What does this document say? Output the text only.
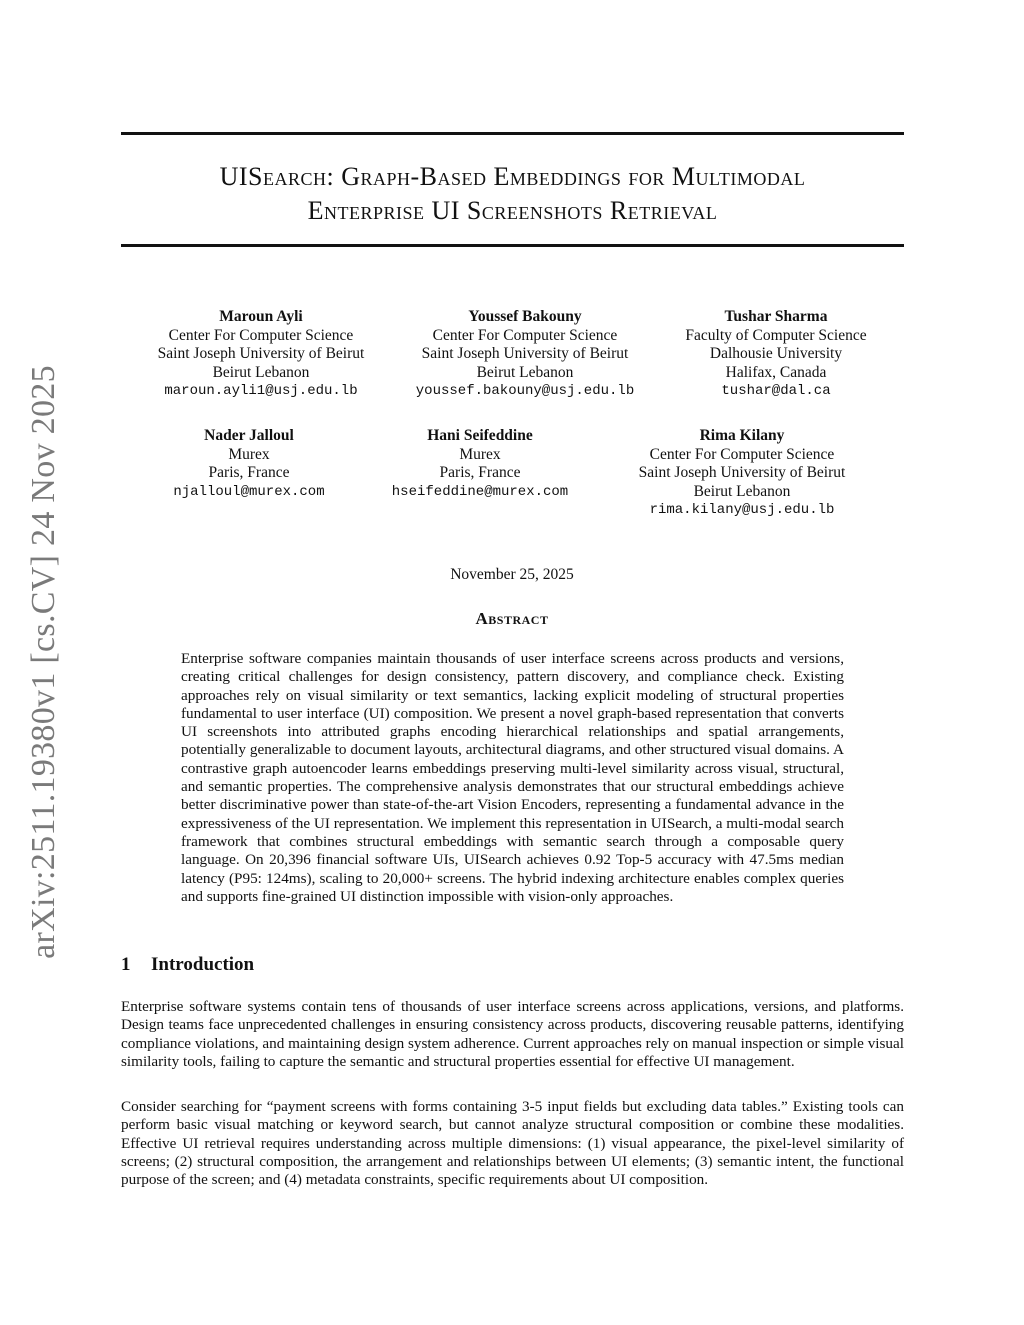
arXiv:2511.19380v1 [cs.CV] 24 Nov 2025
UISearch: Graph-Based Embeddings for Multimodal
Enterprise UI Screenshots Retrieval
Maroun Ayli
Center For Computer Science
Saint Joseph University of Beirut
Beirut Lebanon
maroun.ayli1@usj.edu.lb
Youssef Bakouny
Center For Computer Science
Saint Joseph University of Beirut
Beirut Lebanon
youssef.bakouny@usj.edu.lb
Tushar Sharma
Faculty of Computer Science
Dalhousie University
Halifax, Canada
tushar@dal.ca
Nader Jalloul
Murex
Paris, France
njalloul@murex.com
Hani Seifeddine
Murex
Paris, France
hseifeddine@murex.com
Rima Kilany
Center For Computer Science
Saint Joseph University of Beirut
Beirut Lebanon
rima.kilany@usj.edu.lb
November 25, 2025
Abstract
Enterprise software companies maintain thousands of user interface screens across products and versions, creating critical challenges for design consistency, pattern discovery, and compliance check. Existing approaches rely on visual similarity or text semantics, lacking explicit modeling of structural properties fundamental to user interface (UI) composition. We present a novel graph-based representation that converts UI screenshots into attributed graphs encoding hierarchical relationships and spatial arrangements, potentially generalizable to document layouts, architectural diagrams, and other structured visual domains. A contrastive graph autoencoder learns embeddings preserving multi-level similarity across visual, structural, and semantic properties. The comprehensive analysis demonstrates that our structural embeddings achieve better discriminative power than state-of-the-art Vision Encoders, representing a fundamental advance in the expressiveness of the UI representation. We implement this representation in UISearch, a multi-modal search framework that combines structural embeddings with semantic search through a composable query language. On 20,396 financial software UIs, UISearch achieves 0.92 Top-5 accuracy with 47.5ms median latency (P95: 124ms), scaling to 20,000+ screens. The hybrid indexing architecture enables complex queries and supports fine-grained UI distinction impossible with vision-only approaches.
1 Introduction
Enterprise software systems contain tens of thousands of user interface screens across applications, versions, and platforms. Design teams face unprecedented challenges in ensuring consistency across products, discovering reusable patterns, identifying compliance violations, and maintaining design system adherence. Current approaches rely on manual inspection or simple visual similarity tools, failing to capture the semantic and structural properties essential for effective UI management.
Consider searching for “payment screens with forms containing 3-5 input fields but excluding data tables.” Existing tools can perform basic visual matching or keyword search, but cannot analyze structural composition or combine these modalities. Effective UI retrieval requires understanding across multiple dimensions: (1) visual appearance, the pixel-level similarity of screens; (2) structural composition, the arrangement and relationships between UI elements; (3) semantic intent, the functional purpose of the screen; and (4) metadata constraints, specific requirements about UI composition.
